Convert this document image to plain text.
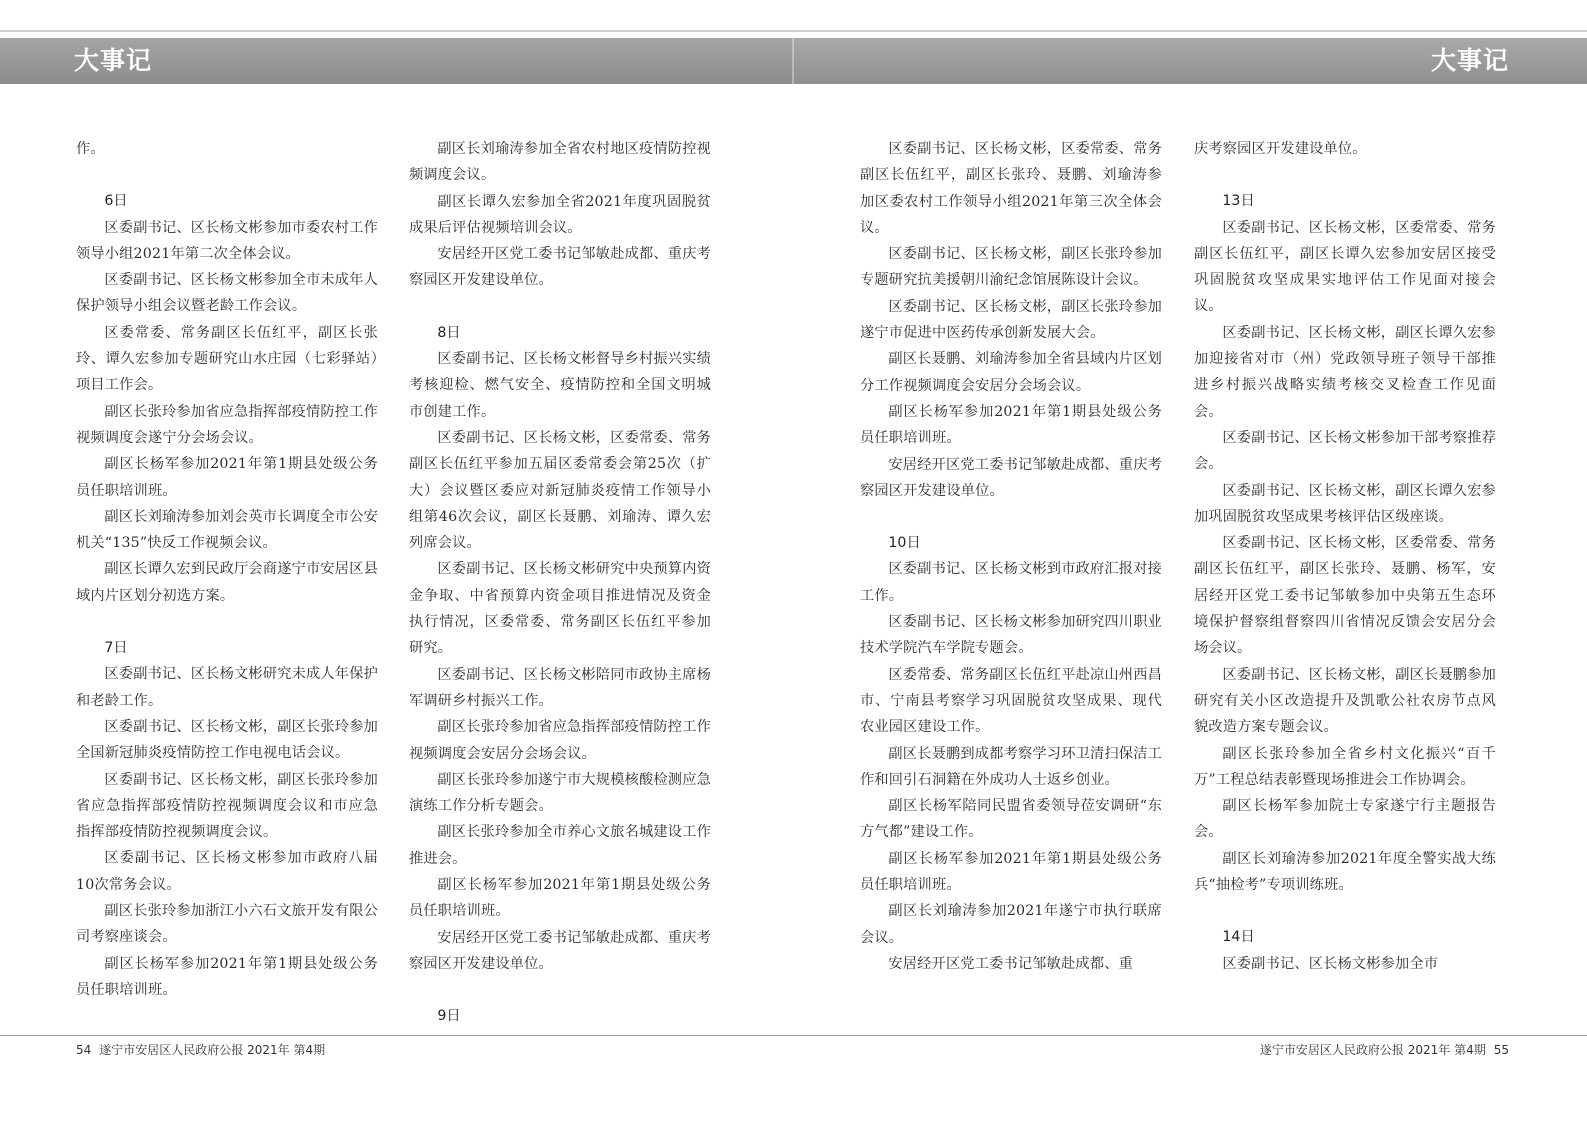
大事记	大事记

作。

6日

区委副书记、区长杨文彬参加市委农村工作领导小组2021年第二次全体会议。

区委副书记、区长杨文彬参加全市未成年人保护领导小组会议暨老龄工作会议。

区委常委、常务副区长伍红平，副区长张玲、谭久宏参加专题研究山水庄园（七彩驿站）项目工作会。

副区长张玲参加省应急指挥部疫情防控工作视频调度会遂宁分会场会议。

副区长杨军参加2021年第1期县处级公务员任职培训班。

副区长刘瑜涛参加刘会英市长调度全市公安机关“135”快反工作视频会议。

副区长谭久宏到民政厅会商遂宁市安居区县域内片区划分初选方案。

7日

区委副书记、区长杨文彬研究未成人年保护和老龄工作。

区委副书记、区长杨文彬，副区长张玲参加全国新冠肺炎疫情防控工作电视电话会议。

区委副书记、区长杨文彬，副区长张玲参加省应急指挥部疫情防控视频调度会议和市应急指挥部疫情防控视频调度会议。

区委副书记、区长杨文彬参加市政府八届10次常务会议。

副区长张玲参加浙江小六石文旅开发有限公司考察座谈会。

副区长杨军参加2021年第1期县处级公务员任职培训班。

副区长刘瑜涛参加全省农村地区疫情防控视频调度会议。

副区长谭久宏参加全省2021年度巩固脱贫成果后评估视频培训会议。

安居经开区党工委书记邹敏赴成都、重庆考察园区开发建设单位。

8日

区委副书记、区长杨文彬督导乡村振兴实绩考核迎检、燃气安全、疫情防控和全国文明城市创建工作。

区委副书记、区长杨文彬，区委常委、常务副区长伍红平参加五届区委常委会第25次（扩大）会议暨区委应对新冠肺炎疫情工作领导小组第46次会议，副区长聂鹏、刘瑜涛、谭久宏列席会议。

区委副书记、区长杨文彬研究中央预算内资金争取、中省预算内资金项目推进情况及资金执行情况，区委常委、常务副区长伍红平参加研究。

区委副书记、区长杨文彬陪同市政协主席杨军调研乡村振兴工作。

副区长张玲参加省应急指挥部疫情防控工作视频调度会安居分会场会议。

副区长张玲参加遂宁市大规模核酸检测应急演练工作分析专题会。

副区长张玲参加全市养心文旅名城建设工作推进会。

副区长杨军参加2021年第1期县处级公务员任职培训班。

安居经开区党工委书记邹敏赴成都、重庆考察园区开发建设单位。

9日

区委副书记、区长杨文彬，区委常委、常务副区长伍红平，副区长张玲、聂鹏、刘瑜涛参加区委农村工作领导小组2021年第三次全体会议。

区委副书记、区长杨文彬，副区长张玲参加专题研究抗美援朝川渝纪念馆展陈设计会议。

区委副书记、区长杨文彬，副区长张玲参加遂宁市促进中医药传承创新发展大会。

副区长聂鹏、刘瑜涛参加全省县域内片区划分工作视频调度会安居分会场会议。

副区长杨军参加2021年第1期县处级公务员任职培训班。

安居经开区党工委书记邹敏赴成都、重庆考察园区开发建设单位。

10日

区委副书记、区长杨文彬到市政府汇报对接工作。

区委副书记、区长杨文彬参加研究四川职业技术学院汽车学院专题会。

区委常委、常务副区长伍红平赴凉山州西昌市、宁南县考察学习巩固脱贫攻坚成果、现代农业园区建设工作。

副区长聂鹏到成都考察学习环卫清扫保洁工作和回引石洞籍在外成功人士返乡创业。

副区长杨军陪同民盟省委领导莅安调研“东方气都”建设工作。

副区长杨军参加2021年第1期县处级公务员任职培训班。

副区长刘瑜涛参加2021年遂宁市执行联席会议。

安居经开区党工委书记邹敏赴成都、重

庆考察园区开发建设单位。

13日

区委副书记、区长杨文彬，区委常委、常务副区长伍红平，副区长谭久宏参加安居区接受巩固脱贫攻坚成果实地评估工作见面对接会议。

区委副书记、区长杨文彬，副区长谭久宏参加迎接省对市（州）党政领导班子领导干部推进乡村振兴战略实绩考核交叉检查工作见面会。

区委副书记、区长杨文彬参加干部考察推荐会。

区委副书记、区长杨文彬，副区长谭久宏参加巩固脱贫攻坚成果考核评估区级座谈。

区委副书记、区长杨文彬，区委常委、常务副区长伍红平，副区长张玲、聂鹏、杨军，安居经开区党工委书记邹敏参加中央第五生态环境保护督察组督察四川省情况反馈会安居分会场会议。

区委副书记、区长杨文彬，副区长聂鹏参加研究有关小区改造提升及凯歌公社农房节点风貌改造方案专题会议。

副区长张玲参加全省乡村文化振兴“百千万”工程总结表彰暨现场推进会工作协调会。

副区长杨军参加院士专家遂宁行主题报告会。

副区长刘瑜涛参加2021年度全警实战大练兵“抽检考”专项训练班。

14日

区委副书记、区长杨文彬参加全市

54 遂宁市安居区人民政府公报 2021年 第4期	遂宁市安居区人民政府公报 2021年 第4期 55
